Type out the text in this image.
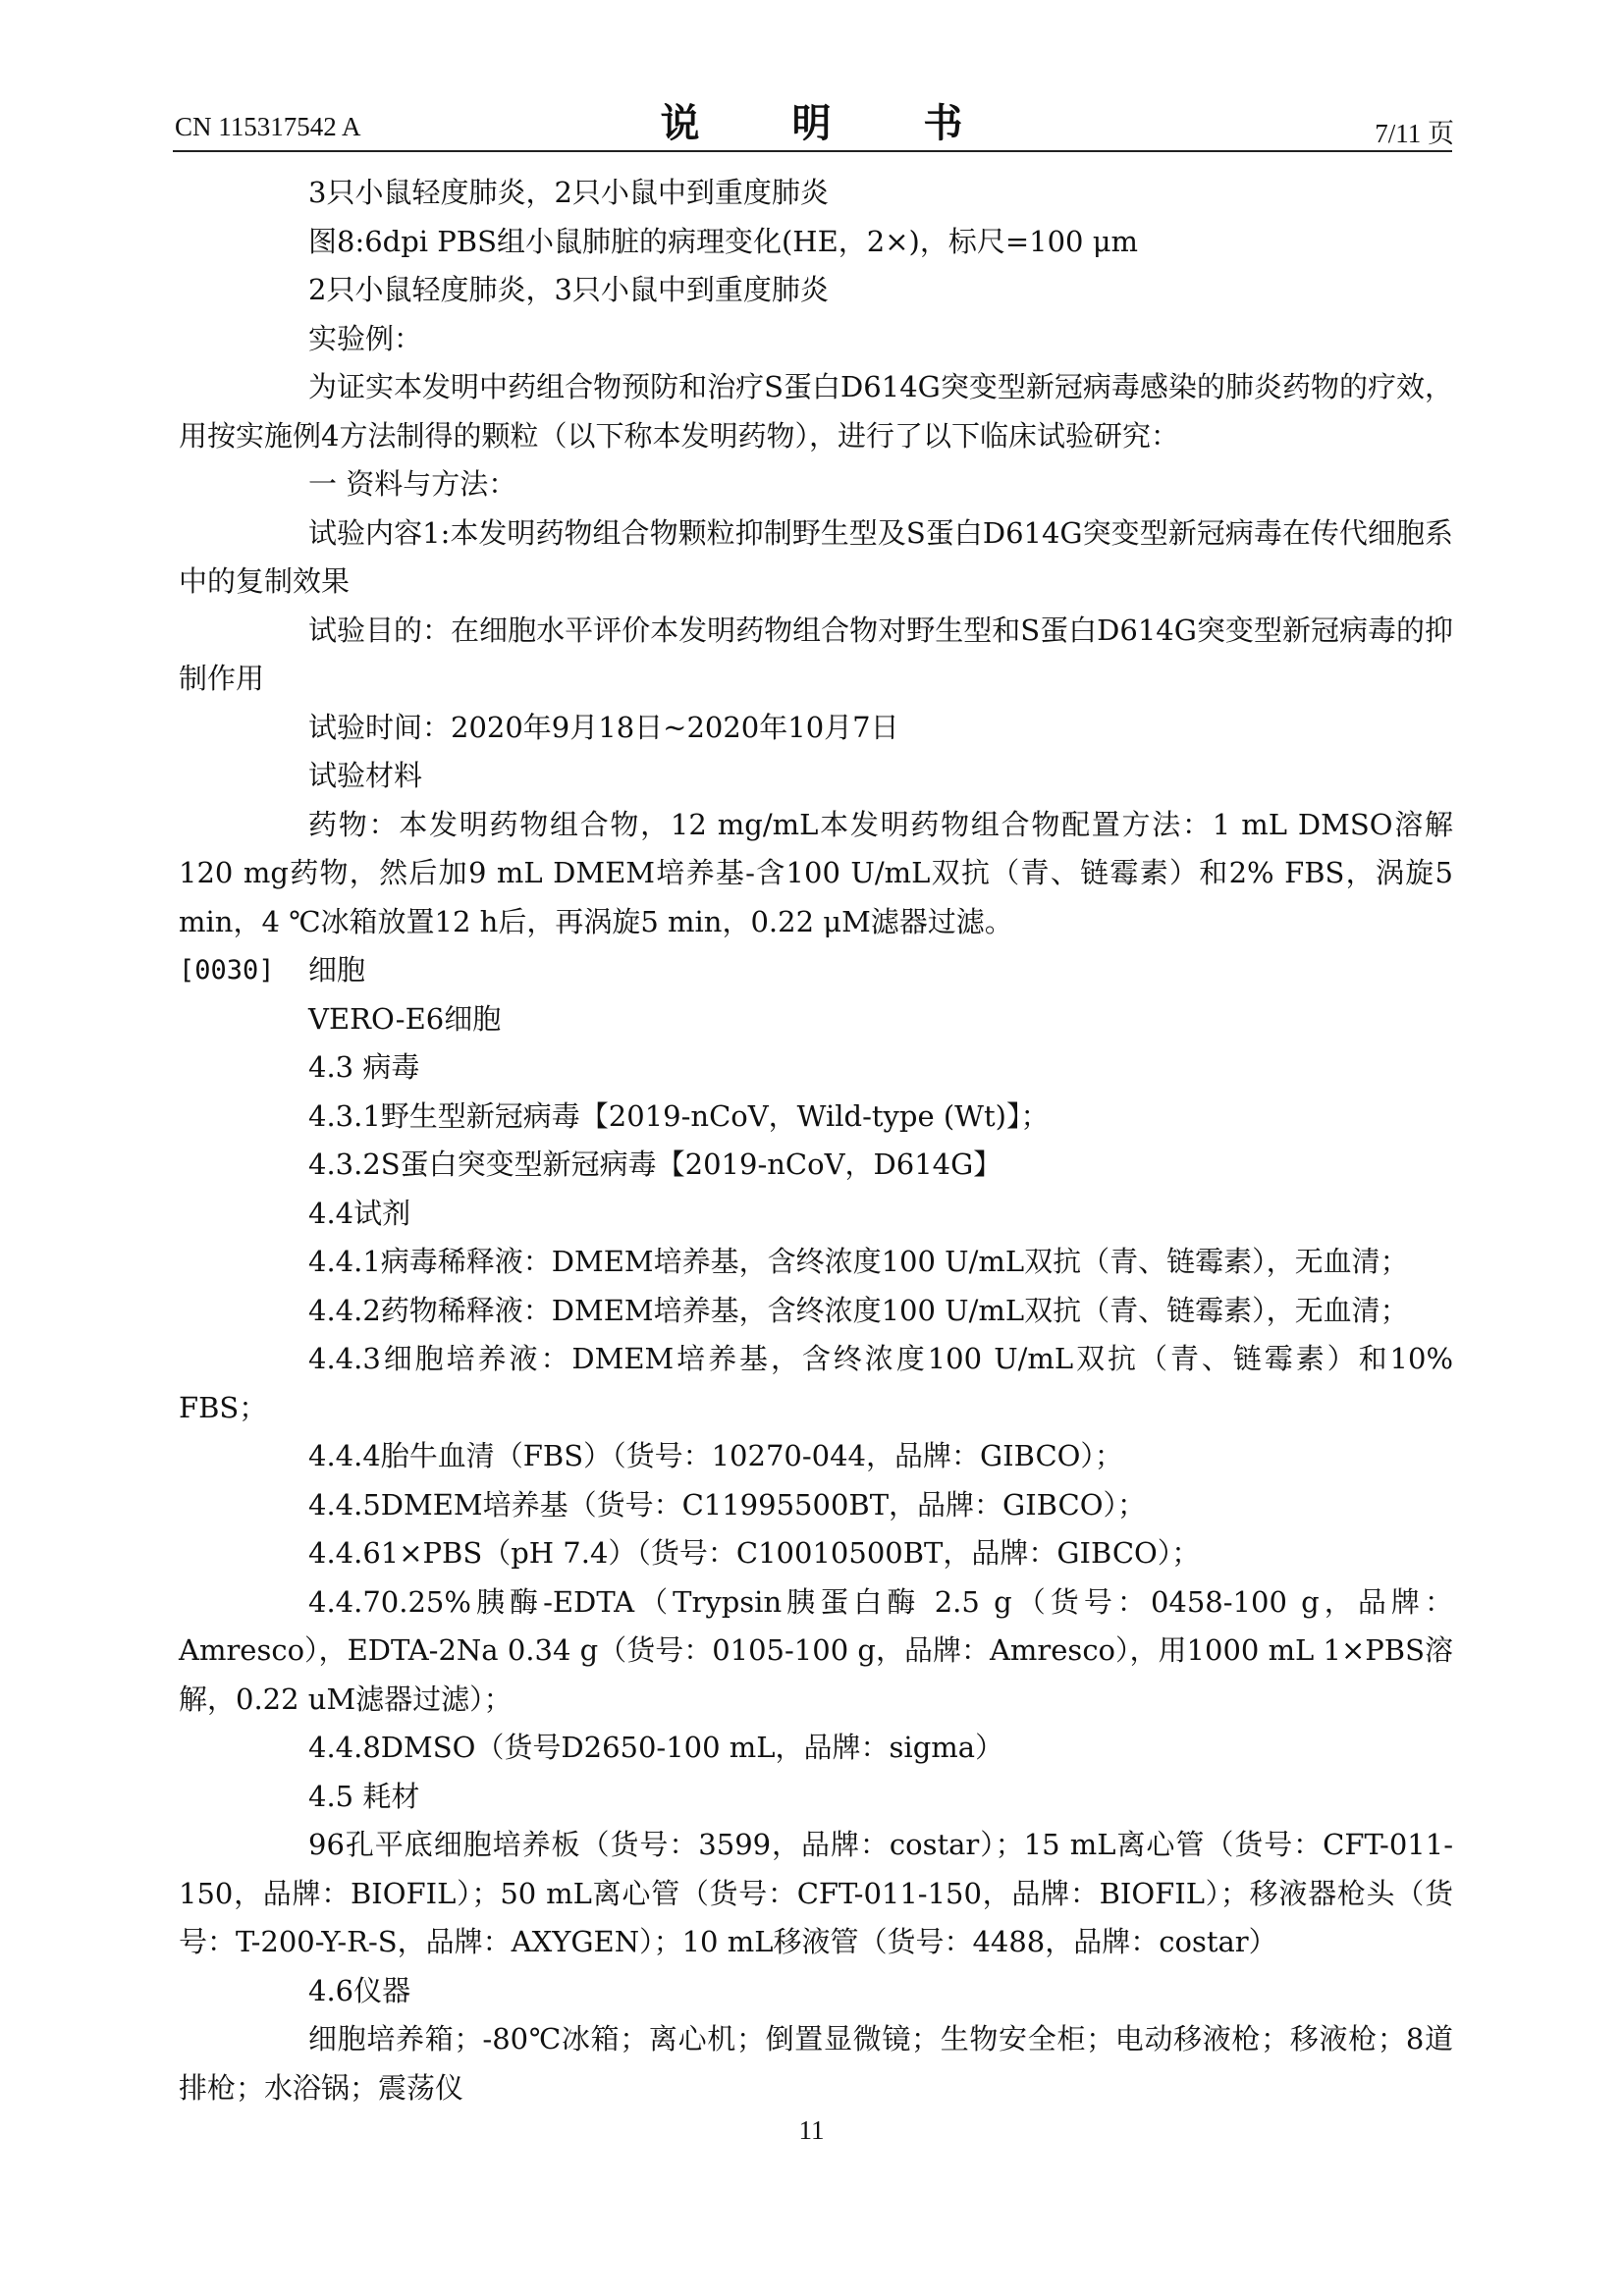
CN 115317542 A	说 明 书	7/11 页

3只小鼠轻度肺炎，2只小鼠中到重度肺炎

图8:6dpi PBS组小鼠肺脏的病理变化(HE，2×)，标尺=100 μm

2只小鼠轻度肺炎，3只小鼠中到重度肺炎

实验例：

为证实本发明中药组合物预防和治疗S蛋白D614G突变型新冠病毒感染的肺炎药物的疗效，用按实施例4方法制得的颗粒（以下称本发明药物），进行了以下临床试验研究：

一 资料与方法：

试验内容1:本发明药物组合物颗粒抑制野生型及S蛋白D614G突变型新冠病毒在传代细胞系中的复制效果

试验目的：在细胞水平评价本发明药物组合物对野生型和S蛋白D614G突变型新冠病毒的抑制作用

试验时间：2020年9月18日~2020年10月7日

试验材料

药物：本发明药物组合物，12 mg/mL本发明药物组合物配置方法：1 mL DMSO溶解120 mg药物，然后加9 mL DMEM培养基-含100 U/mL双抗（青、链霉素）和2% FBS，涡旋5 min，4 ℃冰箱放置12 h后，再涡旋5 min，0.22 μM滤器过滤。

[0030] 细胞

VERO-E6细胞

4.3 病毒

4.3.1野生型新冠病毒【2019-nCoV，Wild-type (Wt)】；

4.3.2S蛋白突变型新冠病毒【2019-nCoV，D614G】

4.4试剂

4.4.1病毒稀释液：DMEM培养基，含终浓度100 U/mL双抗（青、链霉素），无血清；

4.4.2药物稀释液：DMEM培养基，含终浓度100 U/mL双抗（青、链霉素），无血清；

4.4.3细胞培养液：DMEM培养基，含终浓度100 U/mL双抗（青、链霉素）和10% FBS；

4.4.4胎牛血清（FBS）（货号：10270-044，品牌：GIBCO）；

4.4.5DMEM培养基（货号：C11995500BT，品牌：GIBCO）；

4.4.61×PBS（pH 7.4）（货号：C10010500BT，品牌：GIBCO）；

4.4.70.25%胰酶-EDTA（Trypsin胰蛋白酶 2.5 g（货号：0458-100 g，品牌：Amresco），EDTA-2Na 0.34 g（货号：0105-100 g，品牌：Amresco），用1000 mL 1×PBS溶解，0.22 uM滤器过滤）；

4.4.8DMSO（货号D2650-100 mL，品牌：sigma）

4.5 耗材

96孔平底细胞培养板（货号：3599，品牌：costar）；15 mL离心管（货号：CFT-011-150，品牌：BIOFIL）；50 mL离心管（货号：CFT-011-150，品牌：BIOFIL）；移液器枪头（货号：T-200-Y-R-S，品牌：AXYGEN）；10 mL移液管（货号：4488，品牌：costar）

4.6仪器

细胞培养箱；-80℃冰箱；离心机；倒置显微镜；生物安全柜；电动移液枪；移液枪；8道排枪；水浴锅；震荡仪

11
